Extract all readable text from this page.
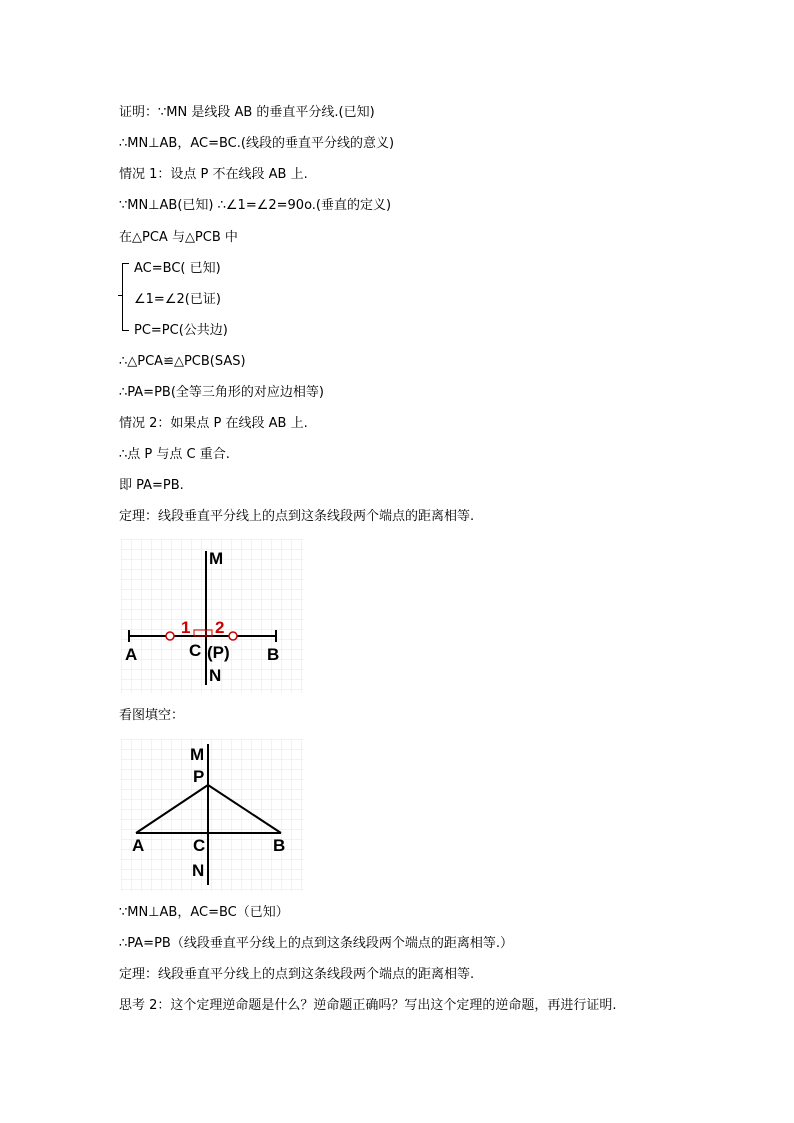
证明：∵MN 是线段 AB 的垂直平分线.(已知)
∴MN⊥AB，AC=BC.(线段的垂直平分线的意义)
情况 1：设点 P 不在线段 AB 上.
∵MN⊥AB(已知) ∴∠1=∠2=90o.(垂直的定义)
在△PCA 与△PCB 中
AC=BC( 已知)
∠1=∠2(已证)
PC=PC(公共边)
∴△PCA≌△PCB(SAS)
∴PA=PB(全等三角形的对应边相等)
情况 2：如果点 P 在线段 AB 上.
∴点 P 与点 C 重合.
即 PA=PB.
定理：线段垂直平分线上的点到这条线段两个端点的距离相等.
M
1 2
A	C (P) B
N
看图填空：
M
P
A	C	B
N
∵MN⊥AB，AC=BC（已知）
∴PA=PB（线段垂直平分线上的点到这条线段两个端点的距离相等.）
定理：线段垂直平分线上的点到这条线段两个端点的距离相等.
思考 2：这个定理逆命题是什么？逆命题正确吗？写出这个定理的逆命题，再进行证明.
